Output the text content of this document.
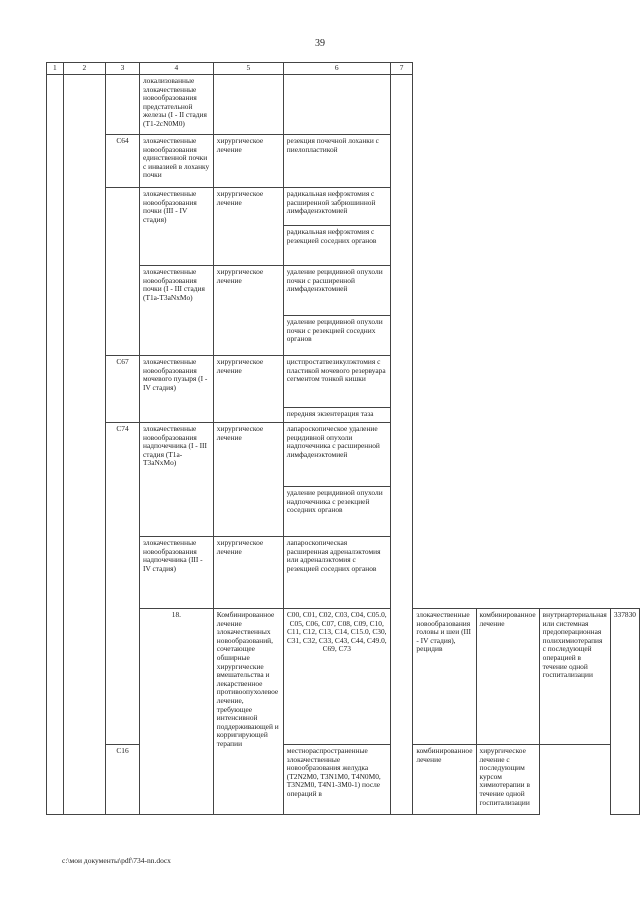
39
1	2	3	4	5	6	7				
			локализованные злокачественные новообразования предстательной железы (I - II стадия (T1-2cN0M0)							
		C64	злокачественные новообразования единственной почки с инвазией в лоханку почки	хирургическое лечение	резекция почечной лоханки с пиелопластикой					
			злокачественные новообразования почки (III - IV стадия)	хирургическое лечение	радикальная нефрэктомия с расширенной забрюшинной лимфаденэктомией					
					радикальная нефрэктомия с резекцией соседних органов					
			злокачественные новообразования почки (I - III стадия (T1a-T3aNxMo)	хирургическое лечение	удаление рецидивной опухоли почки с расширенной лимфаденэктомией					
					удаление рецидивной опухоли почки с резекцией соседних органов					
		C67	злокачественные новообразования мочевого пузыря (I - IV стадия)	хирургическое лечение	цистпростатвезикулэктомия с пластикой мочевого резервуара сегментом тонкой кишки					
					передняя экзентерация таза					
		C74	злокачественные новообразования надпочечника (I - III стадия (T1a-T3aNxMo)	хирургическое лечение	лапароскопическое удаление рецидивной опухоли надпочечника с расширенной лимфаденэктомией					
					удаление рецидивной опухоли надпочечника с резекцией соседних органов					
			злокачественные новообразования надпочечника (III - IV стадия)	хирургическое лечение	лапароскопическая расширенная адреналэктомия или адреналэктомия с резекцией соседних органов					
			18.	Комбинированное лечение злокачественных новообразований, сочетающее обширные хирургические вмешательства и лекарственное противоопухолевое лечение, требующее интенсивной поддерживающей и корригирующей терапии	C00, C01, C02, C03, C04, C05.0, C05, C06, C07, C08, C09, C10, C11, C12, C13, C14, C15.0, C30, C31, C32, C33, C43, C44, C49.0, C69, C73		злокачественные новообразования головы и шеи (III - IV стадия), рецидив	комбинированное лечение	внутриартериальная или системная предоперационная полихимиотерапия с последующей операцией в течение одной госпитализации	337830
		C16			местнораспространенные злокачественные новообразования желудка (T2N2M0, T3N1M0, T4N0M0, T3N2M0, T4N1-3M0-1) после операций в		комбинированное лечение	хирургическое лечение с последующим курсом химиотерапии в течение одной госпитализации		
c:\мои документы\pdf\734-nn.docx
